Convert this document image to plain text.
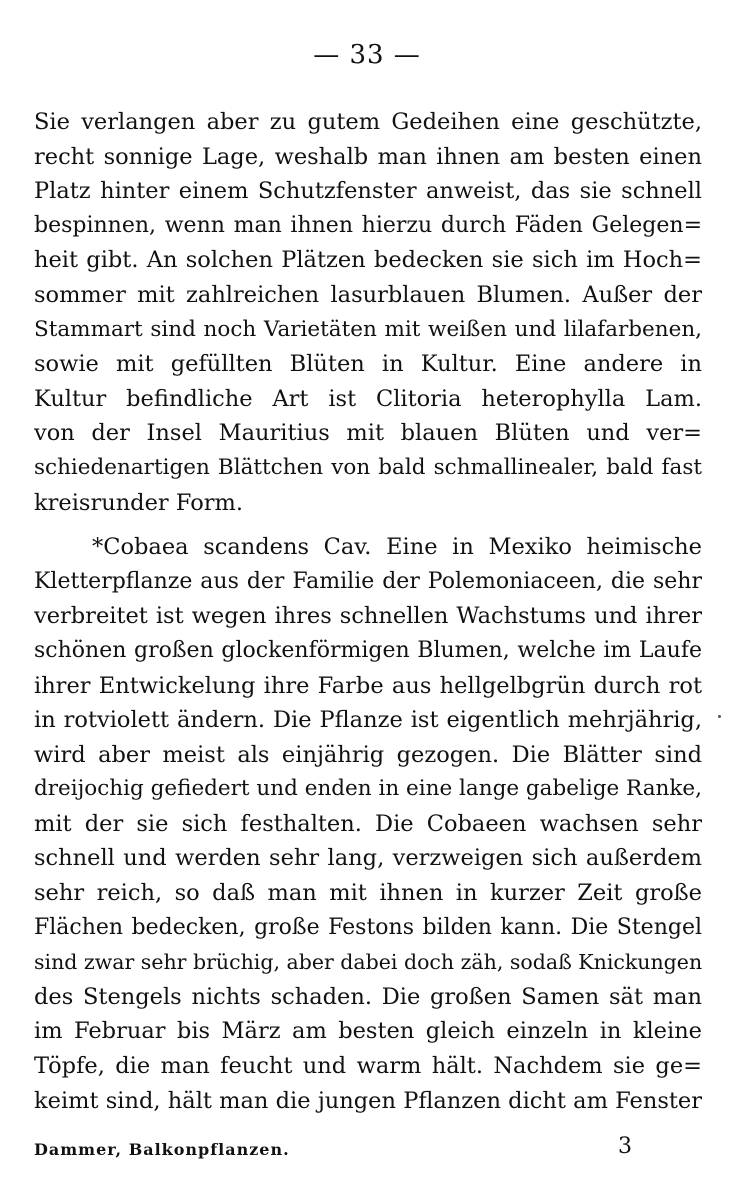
— 33 —
Sie verlangen aber zu gutem Gedeihen eine geschützte,
recht sonnige Lage, weshalb man ihnen am besten einen
Platz hinter einem Schutzfenster anweist, das sie schnell
bespinnen, wenn man ihnen hierzu durch Fäden Gelegen=
heit gibt. An solchen Plätzen bedecken sie sich im Hoch=
sommer mit zahlreichen lasurblauen Blumen. Außer der
Stammart sind noch Varietäten mit weißen und lilafarbenen,
sowie mit gefüllten Blüten in Kultur. Eine andere in
Kultur befindliche Art ist Clitoria heterophylla Lam.
von der Insel Mauritius mit blauen Blüten und ver=
schiedenartigen Blättchen von bald schmallinealer, bald fast
kreisrunder Form.
*Cobaea scandens Cav. Eine in Mexiko heimische
Kletterpflanze aus der Familie der Polemoniaceen, die sehr
verbreitet ist wegen ihres schnellen Wachstums und ihrer
schönen großen glockenförmigen Blumen, welche im Laufe
ihrer Entwickelung ihre Farbe aus hellgelbgrün durch rot
in rotviolett ändern. Die Pflanze ist eigentlich mehrjährig,
wird aber meist als einjährig gezogen. Die Blätter sind
dreijochig gefiedert und enden in eine lange gabelige Ranke,
mit der sie sich festhalten. Die Cobaeen wachsen sehr
schnell und werden sehr lang, verzweigen sich außerdem
sehr reich, so daß man mit ihnen in kurzer Zeit große
Flächen bedecken, große Festons bilden kann. Die Stengel
sind zwar sehr brüchig, aber dabei doch zäh, sodaß Knickungen
des Stengels nichts schaden. Die großen Samen sät man
im Februar bis März am besten gleich einzeln in kleine
Töpfe, die man feucht und warm hält. Nachdem sie ge=
keimt sind, hält man die jungen Pflanzen dicht am Fenster
Dammer, Balkonpflanzen.	3
